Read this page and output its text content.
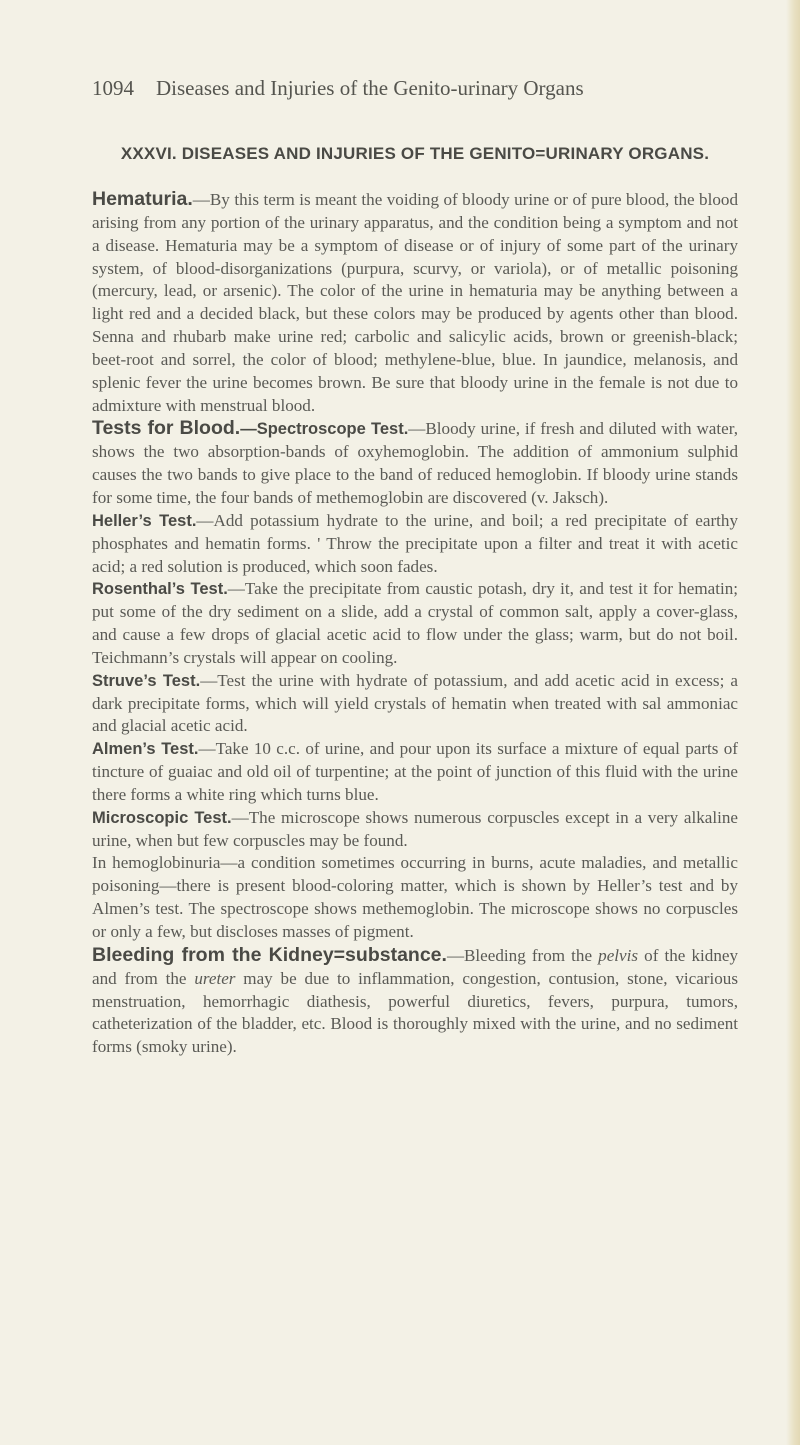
1094 Diseases and Injuries of the Genito-urinary Organs
XXXVI. DISEASES AND INJURIES OF THE GENITO=URINARY ORGANS.

Hematuria.—By this term is meant the voiding of bloody urine or of pure blood, the blood arising from any portion of the urinary apparatus, and the condition being a symptom and not a disease. Hematuria may be a symptom of disease or of injury of some part of the urinary system, of blood-disorganizations (purpura, scurvy, or variola), or of metallic poisoning (mercury, lead, or arsenic). The color of the urine in hematuria may be anything between a light red and a decided black, but these colors may be produced by agents other than blood. Senna and rhubarb make urine red; carbolic and salicylic acids, brown or greenish-black; beet-root and sorrel, the color of blood; methylene-blue, blue. In jaundice, melanosis, and splenic fever the urine becomes brown. Be sure that bloody urine in the female is not due to admixture with menstrual blood.

Tests for Blood.—Spectroscope Test.—Bloody urine, if fresh and diluted with water, shows the two absorption-bands of oxyhemoglobin. The addition of ammonium sulphid causes the two bands to give place to the band of reduced hemoglobin. If bloody urine stands for some time, the four bands of methemoglobin are discovered (v. Jaksch).

Heller’s Test.—Add potassium hydrate to the urine, and boil; a red precipitate of earthy phosphates and hematin forms. ' Throw the precipitate upon a filter and treat it with acetic acid; a red solution is produced, which soon fades.

Rosenthal’s Test.—Take the precipitate from caustic potash, dry it, and test it for hematin; put some of the dry sediment on a slide, add a crystal of common salt, apply a cover-glass, and cause a few drops of glacial acetic acid to flow under the glass; warm, but do not boil. Teichmann’s crystals will appear on cooling.

Struve’s Test.—Test the urine with hydrate of potassium, and add acetic acid in excess; a dark precipitate forms, which will yield crystals of hematin when treated with sal ammoniac and glacial acetic acid.

Almen’s Test.—Take 10 c.c. of urine, and pour upon its surface a mixture of equal parts of tincture of guaiac and old oil of turpentine; at the point of junction of this fluid with the urine there forms a white ring which turns blue.

Microscopic Test.—The microscope shows numerous corpuscles except in a very alkaline urine, when but few corpuscles may be found.

In hemoglobinuria—a condition sometimes occurring in burns, acute maladies, and metallic poisoning—there is present blood-coloring matter, which is shown by Heller’s test and by Almen’s test. The spectroscope shows methemoglobin. The microscope shows no corpuscles or only a few, but discloses masses of pigment.

Bleeding from the Kidney=substance.—Bleeding from the pelvis of the kidney and from the ureter may be due to inflammation, congestion, contusion, stone, vicarious menstruation, hemorrhagic diathesis, powerful diuretics, fevers, purpura, tumors, catheterization of the bladder, etc. Blood is thoroughly mixed with the urine, and no sediment forms (smoky urine).
